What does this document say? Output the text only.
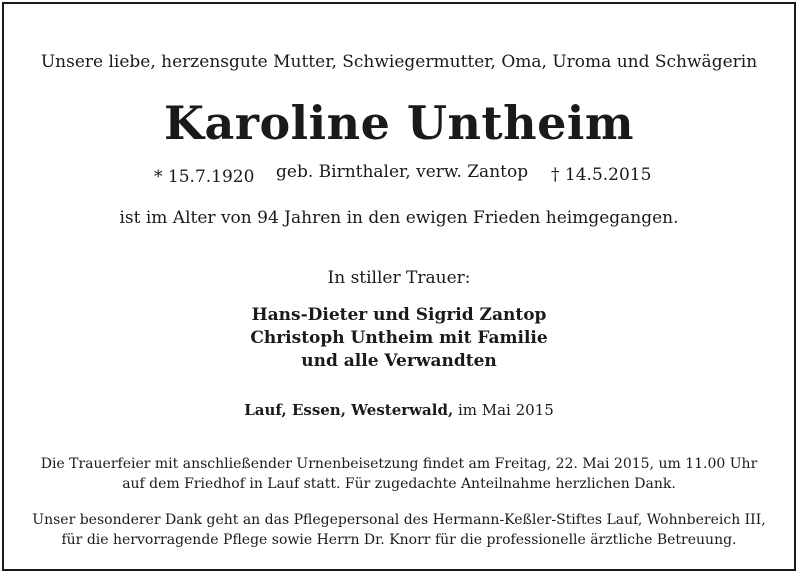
Unsere liebe, herzensgute Mutter, Schwiegermutter, Oma, Uroma und Schwägerin
Karoline Untheim
* 15.7.1920 geb. Birnthaler, verw. Zantop † 14.5.2015
ist im Alter von 94 Jahren in den ewigen Frieden heimgegangen.
In stiller Trauer:
Hans-Dieter und Sigrid Zantop
Christoph Untheim mit Familie
und alle Verwandten
Lauf, Essen, Westerwald, im Mai 2015
Die Trauerfeier mit anschließender Urnenbeisetzung findet am Freitag, 22. Mai 2015, um 11.00 Uhr
auf dem Friedhof in Lauf statt. Für zugedachte Anteilnahme herzlichen Dank.
Unser besonderer Dank geht an das Pflegepersonal des Hermann-Keßler-Stiftes Lauf, Wohnbereich III,
für die hervorragende Pflege sowie Herrn Dr. Knorr für die professionelle ärztliche Betreuung.
